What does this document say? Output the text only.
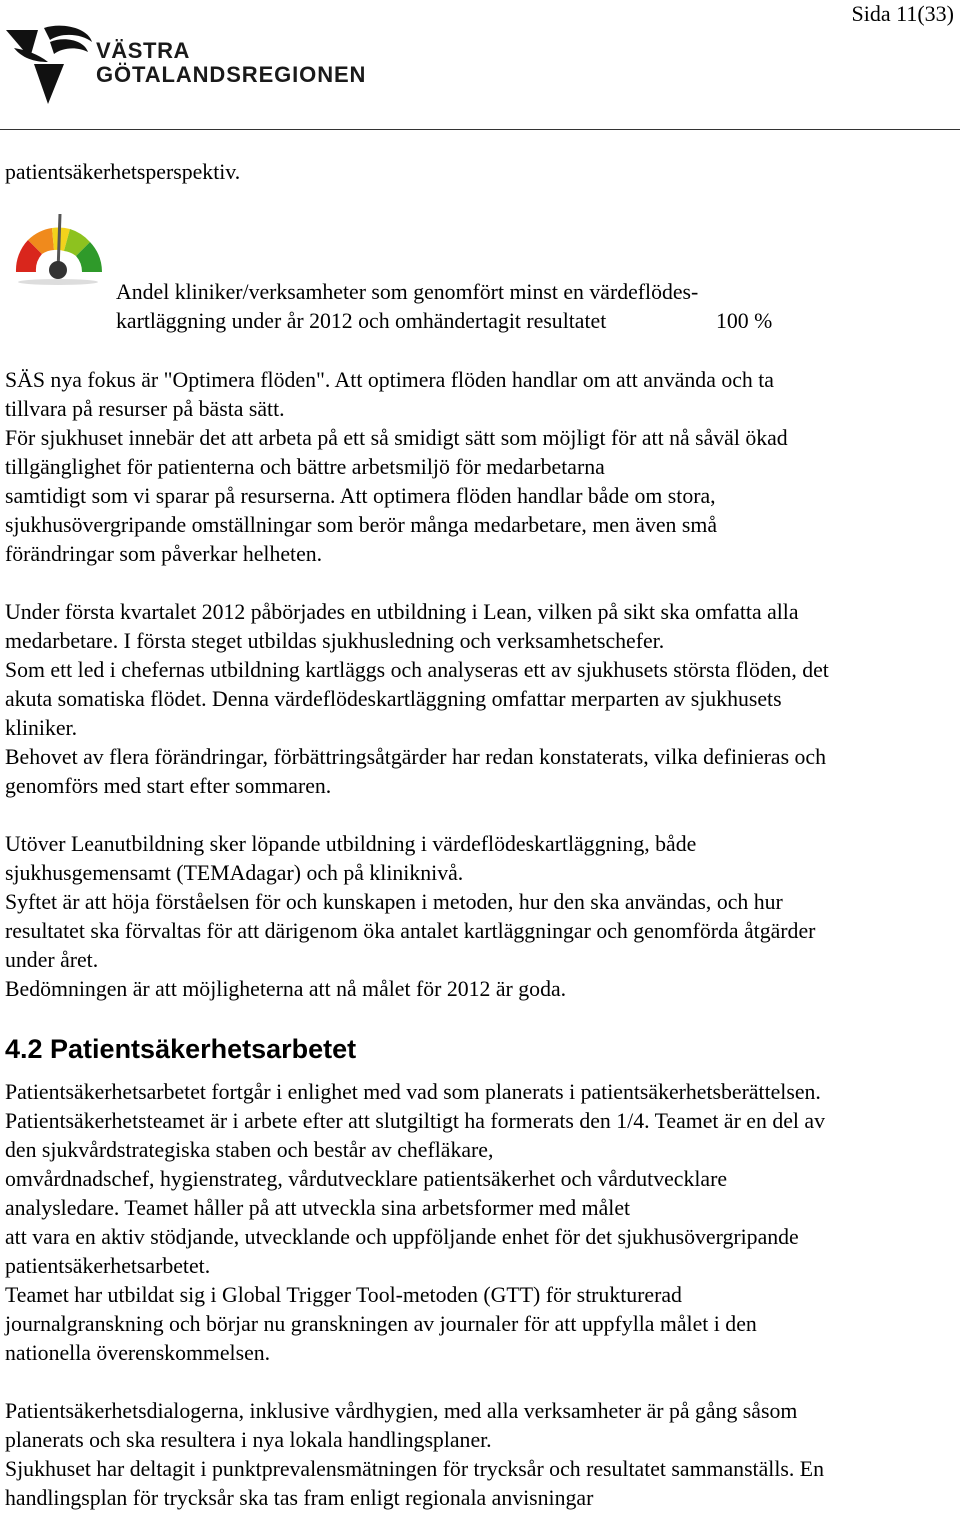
Sida 11(33)
VÄSTRA
GÖTALANDSREGIONEN
patientsäkerhetsperspektiv.
Andel kliniker/verksamheter som genomfört minst en värdeflödes-
kartläggning under år 2012 och omhändertagit resultatet	100 %
SÄS nya fokus är "Optimera flöden". Att optimera flöden handlar om att använda och ta
tillvara på resurser på bästa sätt.
För sjukhuset innebär det att arbeta på ett så smidigt sätt som möjligt för att nå såväl ökad
tillgänglighet för patienterna och bättre arbetsmiljö för medarbetarna
samtidigt som vi sparar på resurserna. Att optimera flöden handlar både om stora,
sjukhusövergripande omställningar som berör många medarbetare, men även små
förändringar som påverkar helheten.
Under första kvartalet 2012 påbörjades en utbildning i Lean, vilken på sikt ska omfatta alla
medarbetare. I första steget utbildas sjukhusledning och verksamhetschefer.
Som ett led i chefernas utbildning kartläggs och analyseras ett av sjukhusets största flöden, det
akuta somatiska flödet. Denna värdeflödeskartläggning omfattar merparten av sjukhusets
kliniker.
Behovet av flera förändringar, förbättringsåtgärder har redan konstaterats, vilka definieras och
genomförs med start efter sommaren.
Utöver Leanutbildning sker löpande utbildning i värdeflödeskartläggning, både
sjukhusgemensamt (TEMAdagar) och på kliniknivå.
Syftet är att höja förståelsen för och kunskapen i metoden, hur den ska användas, och hur
resultatet ska förvaltas för att därigenom öka antalet kartläggningar och genomförda åtgärder
under året.
Bedömningen är att möjligheterna att nå målet för 2012 är goda.
4.2 Patientsäkerhetsarbetet
Patientsäkerhetsarbetet fortgår i enlighet med vad som planerats i patientsäkerhetsberättelsen.
Patientsäkerhetsteamet är i arbete efter att slutgiltigt ha formerats den 1/4. Teamet är en del av
den sjukvårdstrategiska staben och består av chefläkare,
omvårdnadschef, hygienstrateg, vårdutvecklare patientsäkerhet och vårdutvecklare
analysledare. Teamet håller på att utveckla sina arbetsformer med målet
att vara en aktiv stödjande, utvecklande och uppföljande enhet för det sjukhusövergripande
patientsäkerhetsarbetet.
Teamet har utbildat sig i Global Trigger Tool-metoden (GTT) för strukturerad
journalgranskning och börjar nu granskningen av journaler för att uppfylla målet i den
nationella överenskommelsen.
Patientsäkerhetsdialogerna, inklusive vårdhygien, med alla verksamheter är på gång såsom
planerats och ska resultera i nya lokala handlingsplaner.
Sjukhuset har deltagit i punktprevalensmätningen för trycksår och resultatet sammanställs. En
handlingsplan för trycksår ska tas fram enligt regionala anvisningar
